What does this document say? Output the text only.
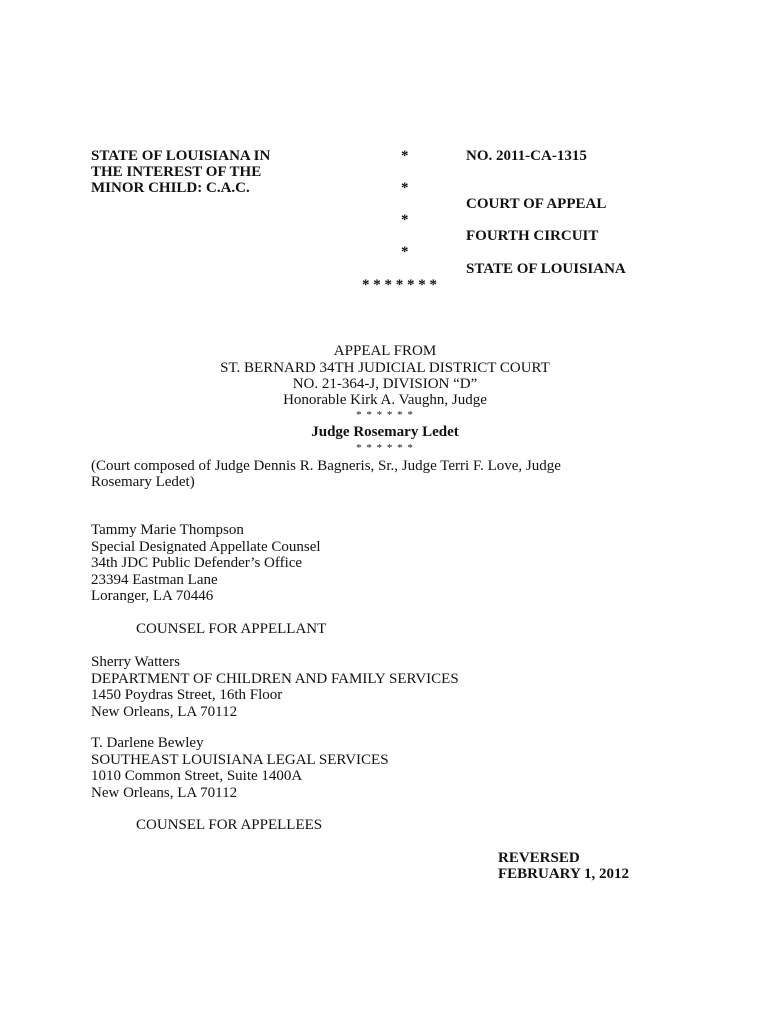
STATE OF LOUISIANA IN
THE INTEREST OF THE
MINOR CHILD: C.A.C.
*
*
*
*
* * * * * * *
NO. 2011-CA-1315
COURT OF APPEAL
FOURTH CIRCUIT
STATE OF LOUISIANA
APPEAL FROM
ST. BERNARD 34TH JUDICIAL DISTRICT COURT
NO. 21-364-J, DIVISION “D”
Honorable Kirk A. Vaughn, Judge
* * * * * *
Judge Rosemary Ledet
* * * * * *
(Court composed of Judge Dennis R. Bagneris, Sr., Judge Terri F. Love, Judge
Rosemary Ledet)
Tammy Marie Thompson
Special Designated Appellate Counsel
34th JDC Public Defender’s Office
23394 Eastman Lane
Loranger, LA 70446
COUNSEL FOR APPELLANT
Sherry Watters
DEPARTMENT OF CHILDREN AND FAMILY SERVICES
1450 Poydras Street, 16th Floor
New Orleans, LA 70112
T. Darlene Bewley
SOUTHEAST LOUISIANA LEGAL SERVICES
1010 Common Street, Suite 1400A
New Orleans, LA 70112
COUNSEL FOR APPELLEES
REVERSED
FEBRUARY 1, 2012
